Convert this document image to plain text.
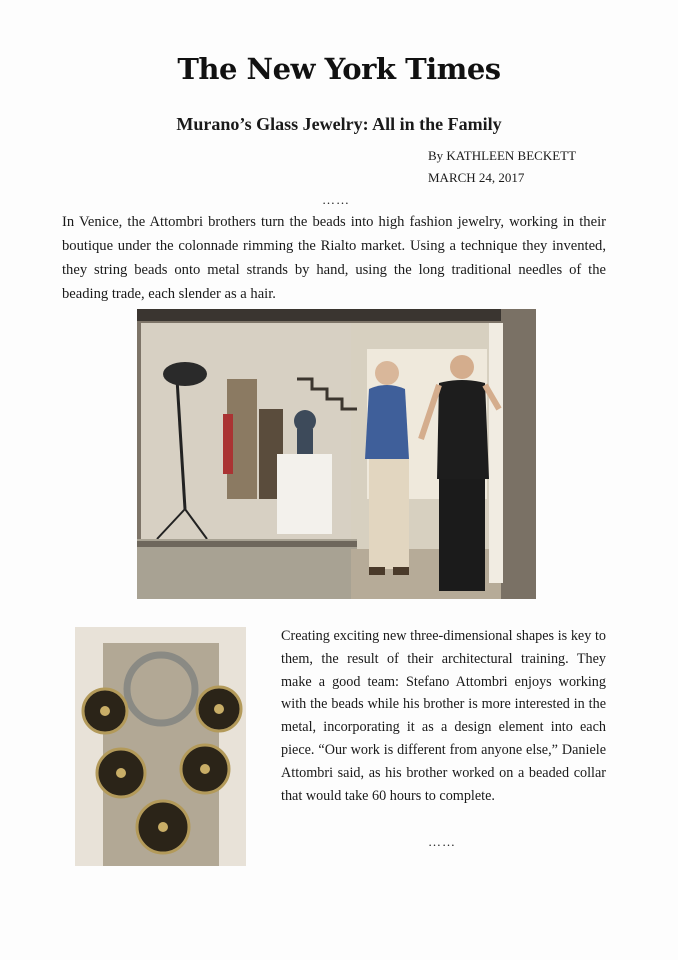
The New York Times
Murano’s Glass Jewelry: All in the Family
By KATHLEEN BECKETT
MARCH 24, 2017
……

In Venice, the Attombri brothers turn the beads into high fashion jewelry, working in their boutique under the colonnade rimming the Rialto market. Using a technique they invented, they string beads onto metal strands by hand, using the long traditional needles of the beading trade, each slender as a hair.

Creating exciting new three-dimensional shapes is key to them, the result of their architectural training. They make a good team: Stefano Attombri enjoys working with the beads while his brother is more interested in the metal, incorporating it as a design element into each piece. “Our work is different from anyone else,” Daniele Attombri said, as his brother worked on a beaded collar that would take 60 hours to complete.

……
